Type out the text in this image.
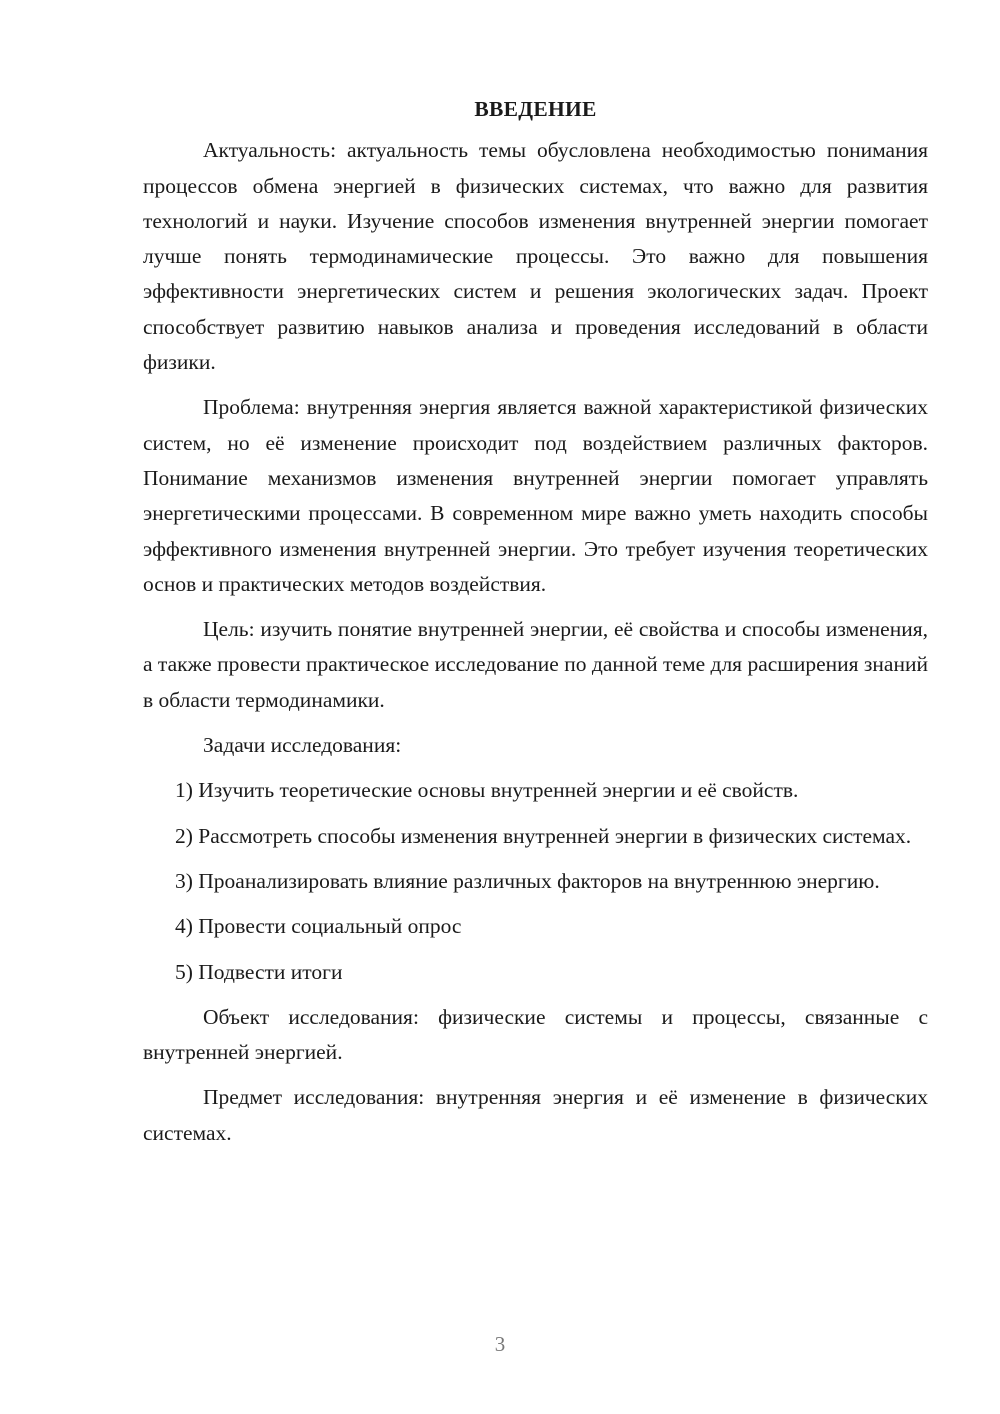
ВВЕДЕНИЕ

Актуальность: актуальность темы обусловлена необходимостью понимания процессов обмена энергией в физических системах, что важно для развития технологий и науки. Изучение способов изменения внутренней энергии помогает лучше понять термодинамические процессы. Это важно для повышения эффективности энергетических систем и решения экологических задач. Проект способствует развитию навыков анализа и проведения исследований в области физики.

Проблема: внутренняя энергия является важной характеристикой физических систем, но её изменение происходит под воздействием различных факторов. Понимание механизмов изменения внутренней энергии помогает управлять энергетическими процессами. В современном мире важно уметь находить способы эффективного изменения внутренней энергии. Это требует изучения теоретических основ и практических методов воздействия.

Цель: изучить понятие внутренней энергии, её свойства и способы изменения, а также провести практическое исследование по данной теме для расширения знаний в области термодинамики.

Задачи исследования:

1) Изучить теоретические основы внутренней энергии и её свойств.

2) Рассмотреть способы изменения внутренней энергии в физических системах.

3) Проанализировать влияние различных факторов на внутреннюю энергию.

4) Провести социальный опрос

5) Подвести итоги

Объект исследования: физические системы и процессы, связанные с внутренней энергией.

Предмет исследования: внутренняя энергия и её изменение в физических системах.

3
